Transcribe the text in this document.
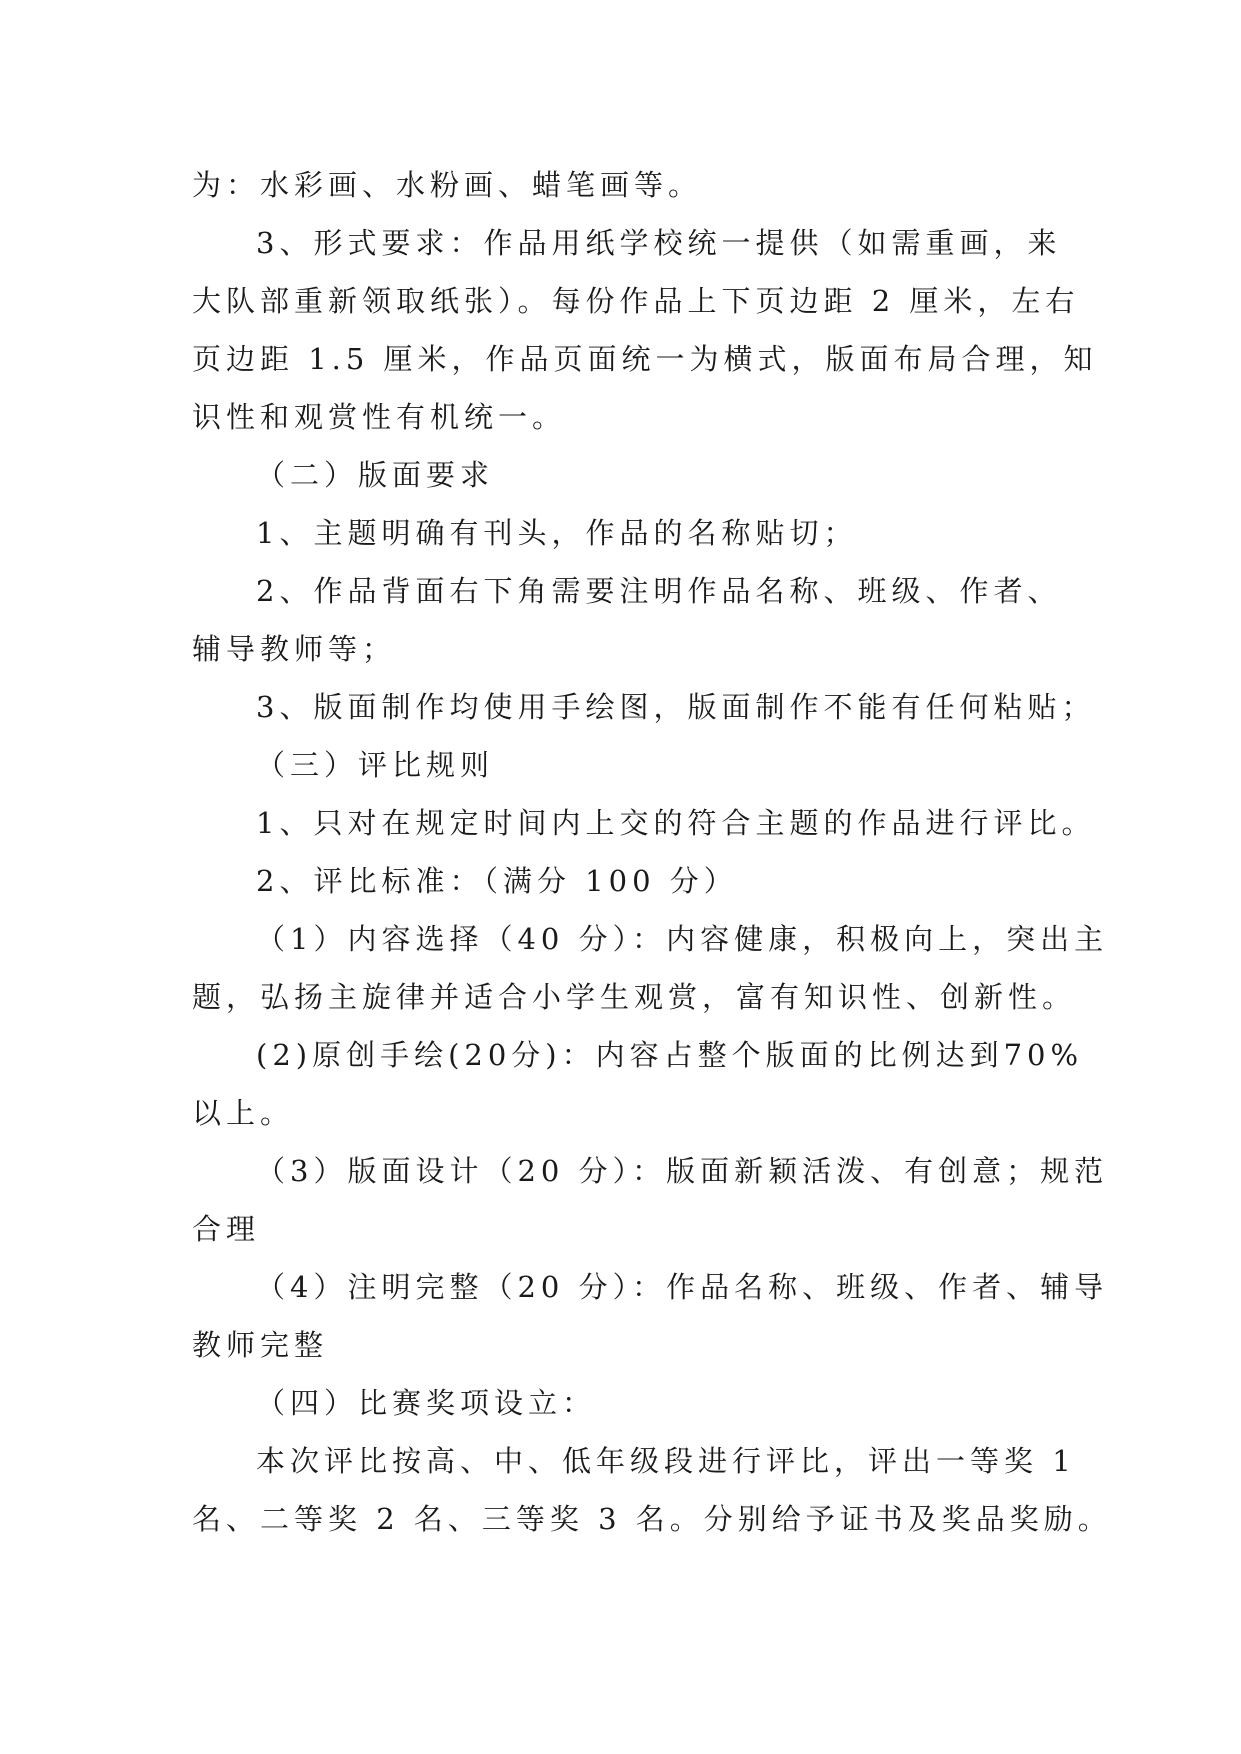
为：水彩画、水粉画、蜡笔画等。
3、形式要求：作品用纸学校统一提供（如需重画，来
大队部重新领取纸张）。每份作品上下页边距 2 厘米，左右
页边距 1.5 厘米，作品页面统一为横式，版面布局合理，知
识性和观赏性有机统一。
（二）版面要求
1、主题明确有刊头，作品的名称贴切；
2、作品背面右下角需要注明作品名称、班级、作者、
辅导教师等；
3、版面制作均使用手绘图，版面制作不能有任何粘贴；
（三）评比规则
1、只对在规定时间内上交的符合主题的作品进行评比。
2、评比标准：（满分 100 分）
（1）内容选择（40 分）：内容健康，积极向上，突出主
题，弘扬主旋律并适合小学生观赏，富有知识性、创新性。
(2)原创手绘(20分)：内容占整个版面的比例达到70%
以上。
（3）版面设计（20 分）：版面新颖活泼、有创意；规范
合理
（4）注明完整（20 分）：作品名称、班级、作者、辅导
教师完整
（四）比赛奖项设立：
本次评比按高、中、低年级段进行评比，评出一等奖 1
名、二等奖 2 名、三等奖 3 名。分别给予证书及奖品奖励。
